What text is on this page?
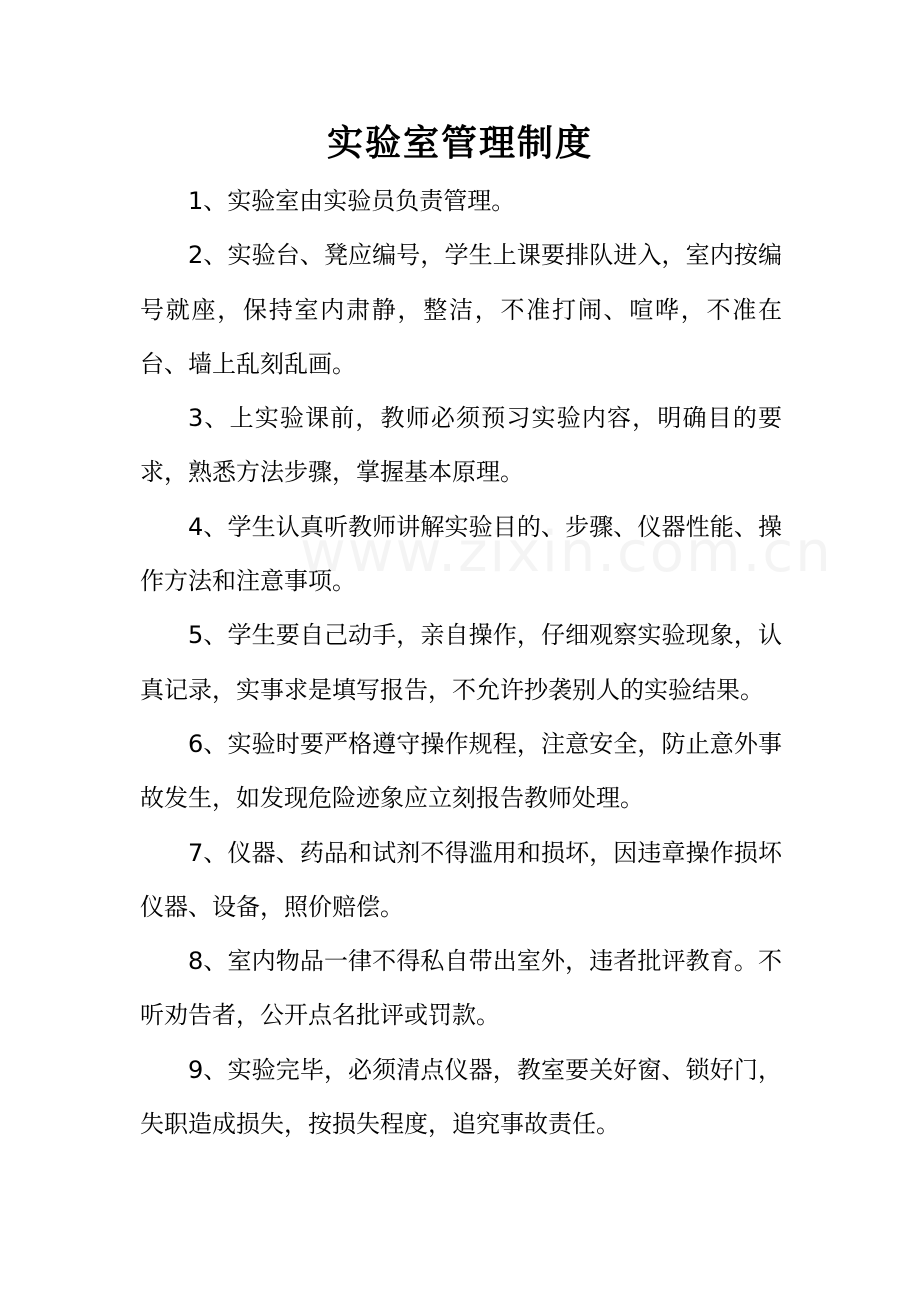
实验室管理制度

1、实验室由实验员负责管理。

2、实验台、凳应编号，学生上课要排队进入，室内按编号就座，保持室内肃静，整洁，不准打闹、喧哗，不准在台、墙上乱刻乱画。

3、上实验课前，教师必须预习实验内容，明确目的要求，熟悉方法步骤，掌握基本原理。

4、学生认真听教师讲解实验目的、步骤、仪器性能、操作方法和注意事项。

5、学生要自己动手，亲自操作，仔细观察实验现象，认真记录，实事求是填写报告，不允许抄袭别人的实验结果。

6、实验时要严格遵守操作规程，注意安全，防止意外事故发生，如发现危险迹象应立刻报告教师处理。

7、仪器、药品和试剂不得滥用和损坏，因违章操作损坏仪器、设备，照价赔偿。

8、室内物品一律不得私自带出室外，违者批评教育。不听劝告者，公开点名批评或罚款。

9、实验完毕，必须清点仪器，教室要关好窗、锁好门，失职造成损失，按损失程度，追究事故责任。
